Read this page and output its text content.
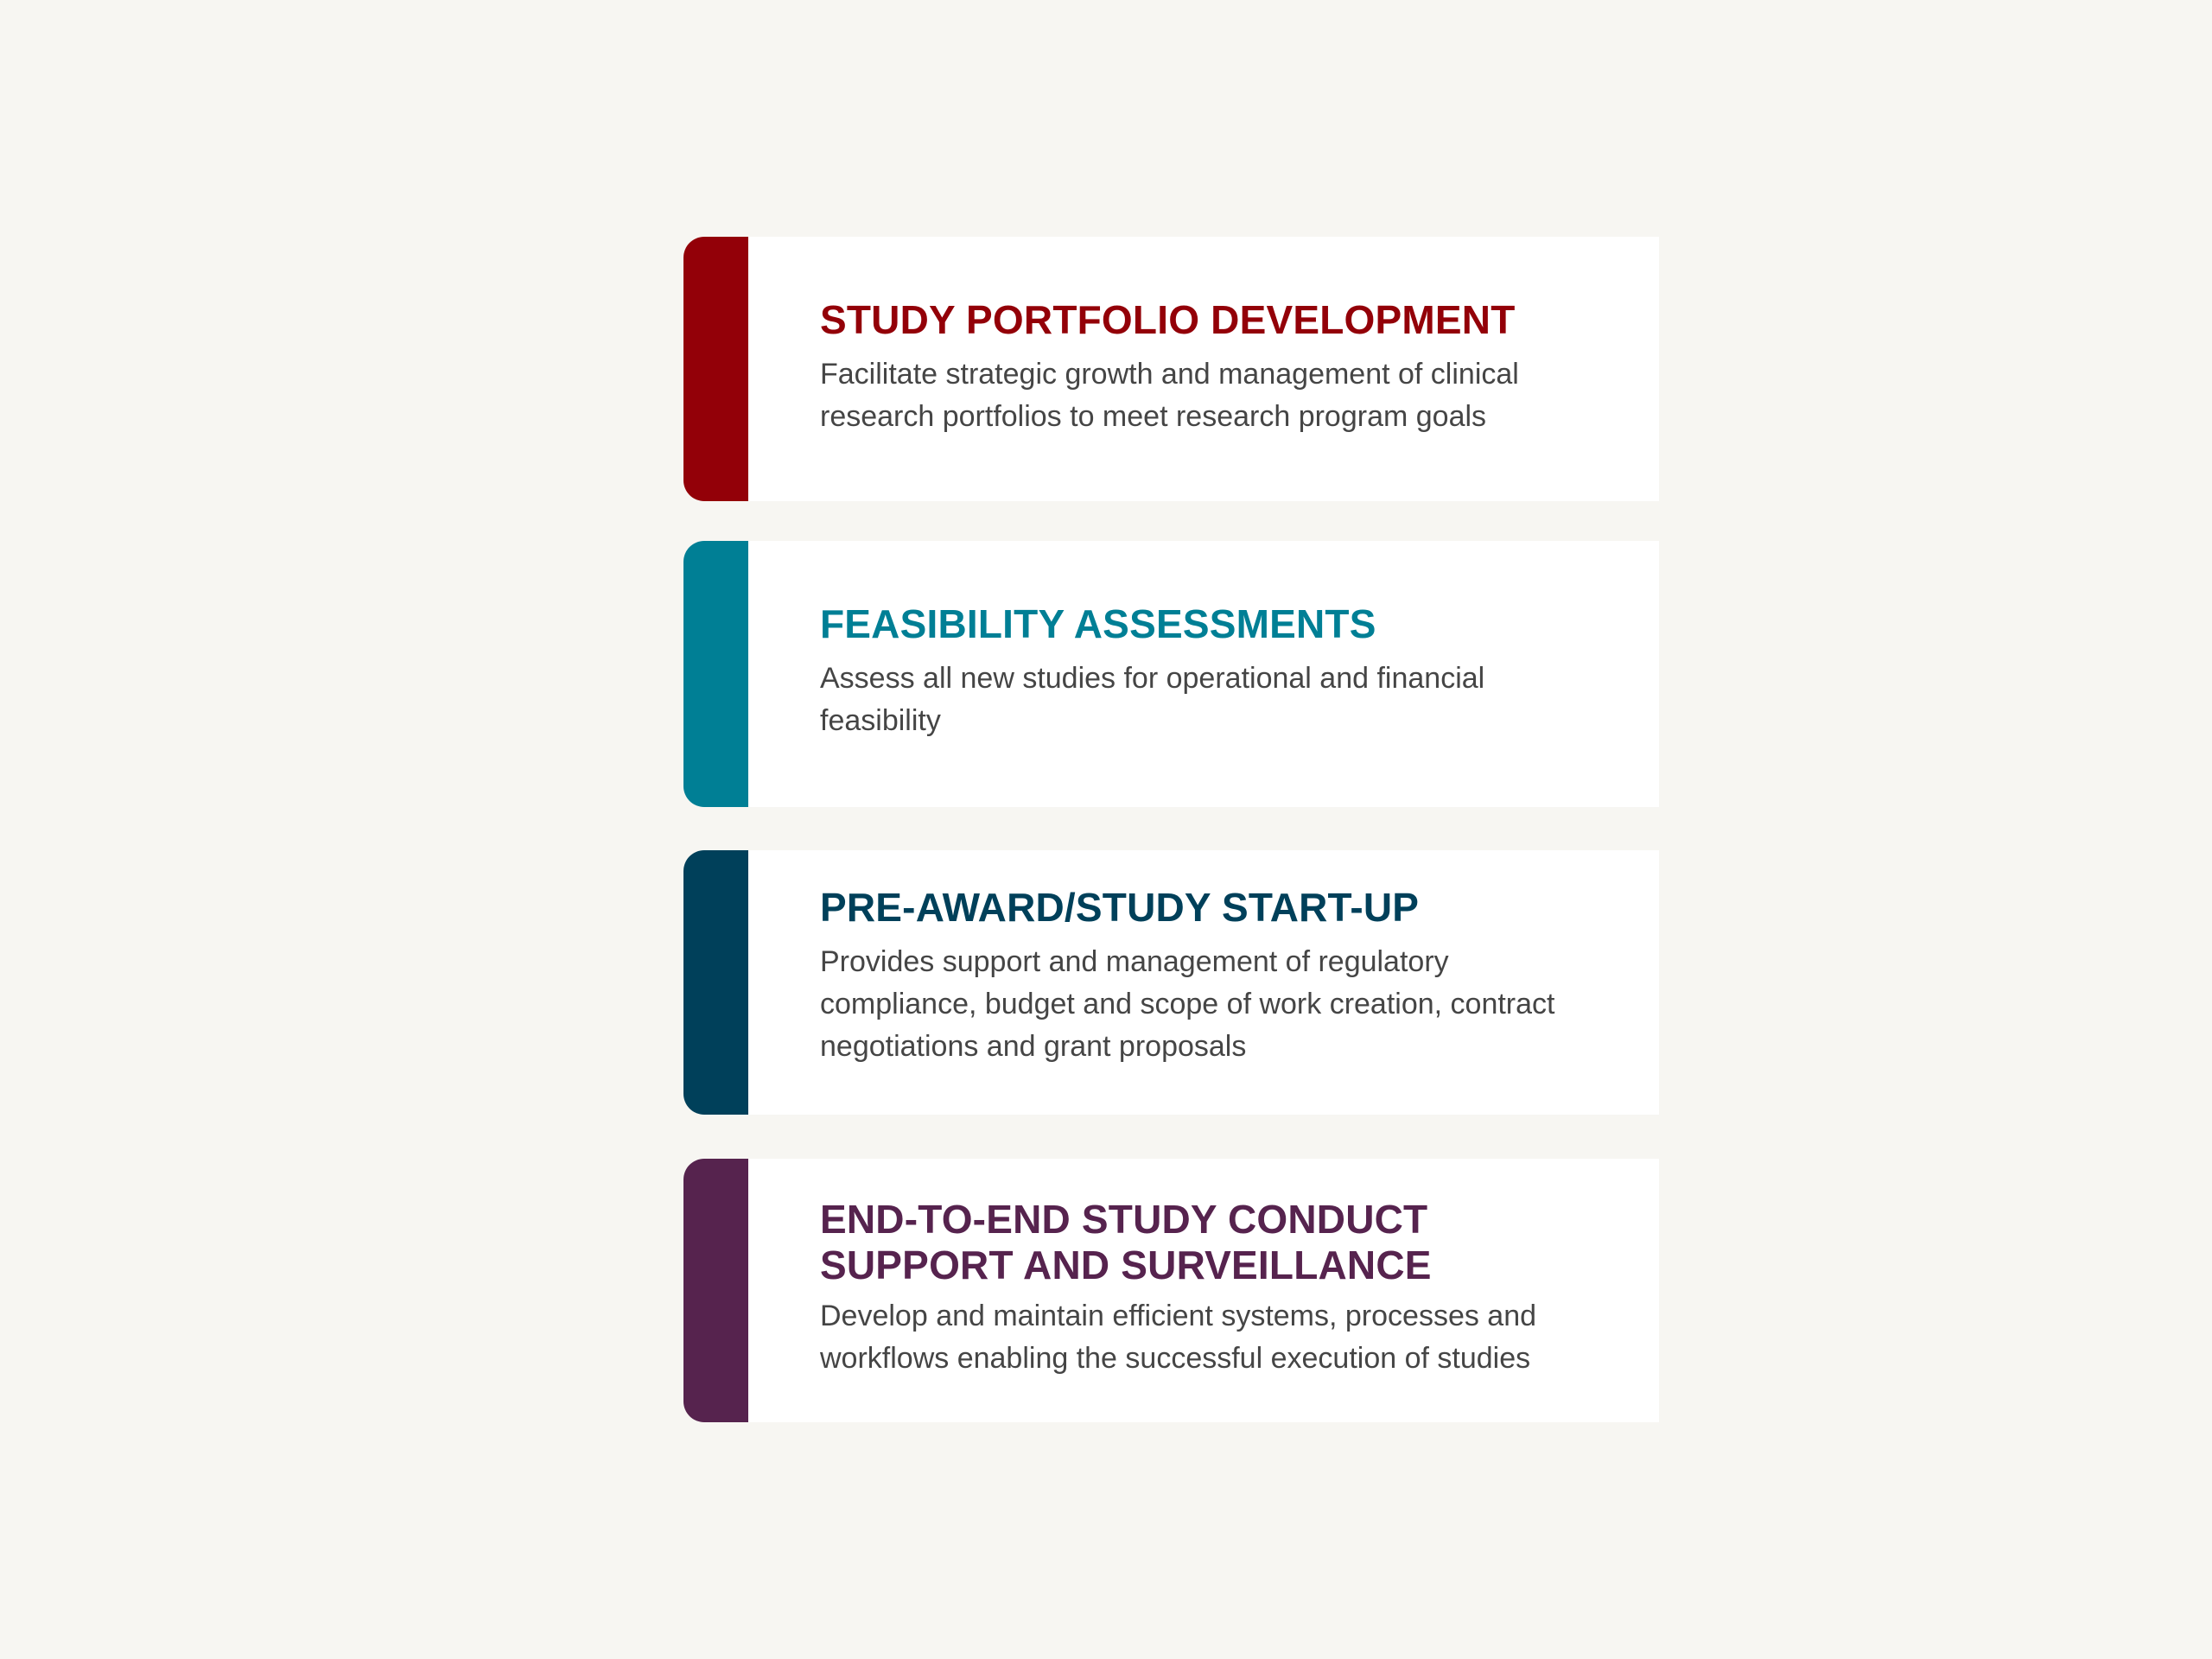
STUDY PORTFOLIO DEVELOPMENT

Facilitate strategic growth and management of clinical research portfolios to meet research program goals

FEASIBILITY ASSESSMENTS

Assess all new studies for operational and financial feasibility

PRE-AWARD/STUDY START-UP

Provides support and management of regulatory compliance, budget and scope of work creation, contract negotiations and grant proposals

END-TO-END STUDY CONDUCT SUPPORT AND SURVEILLANCE

Develop and maintain efficient systems, processes and workflows enabling the successful execution of studies
